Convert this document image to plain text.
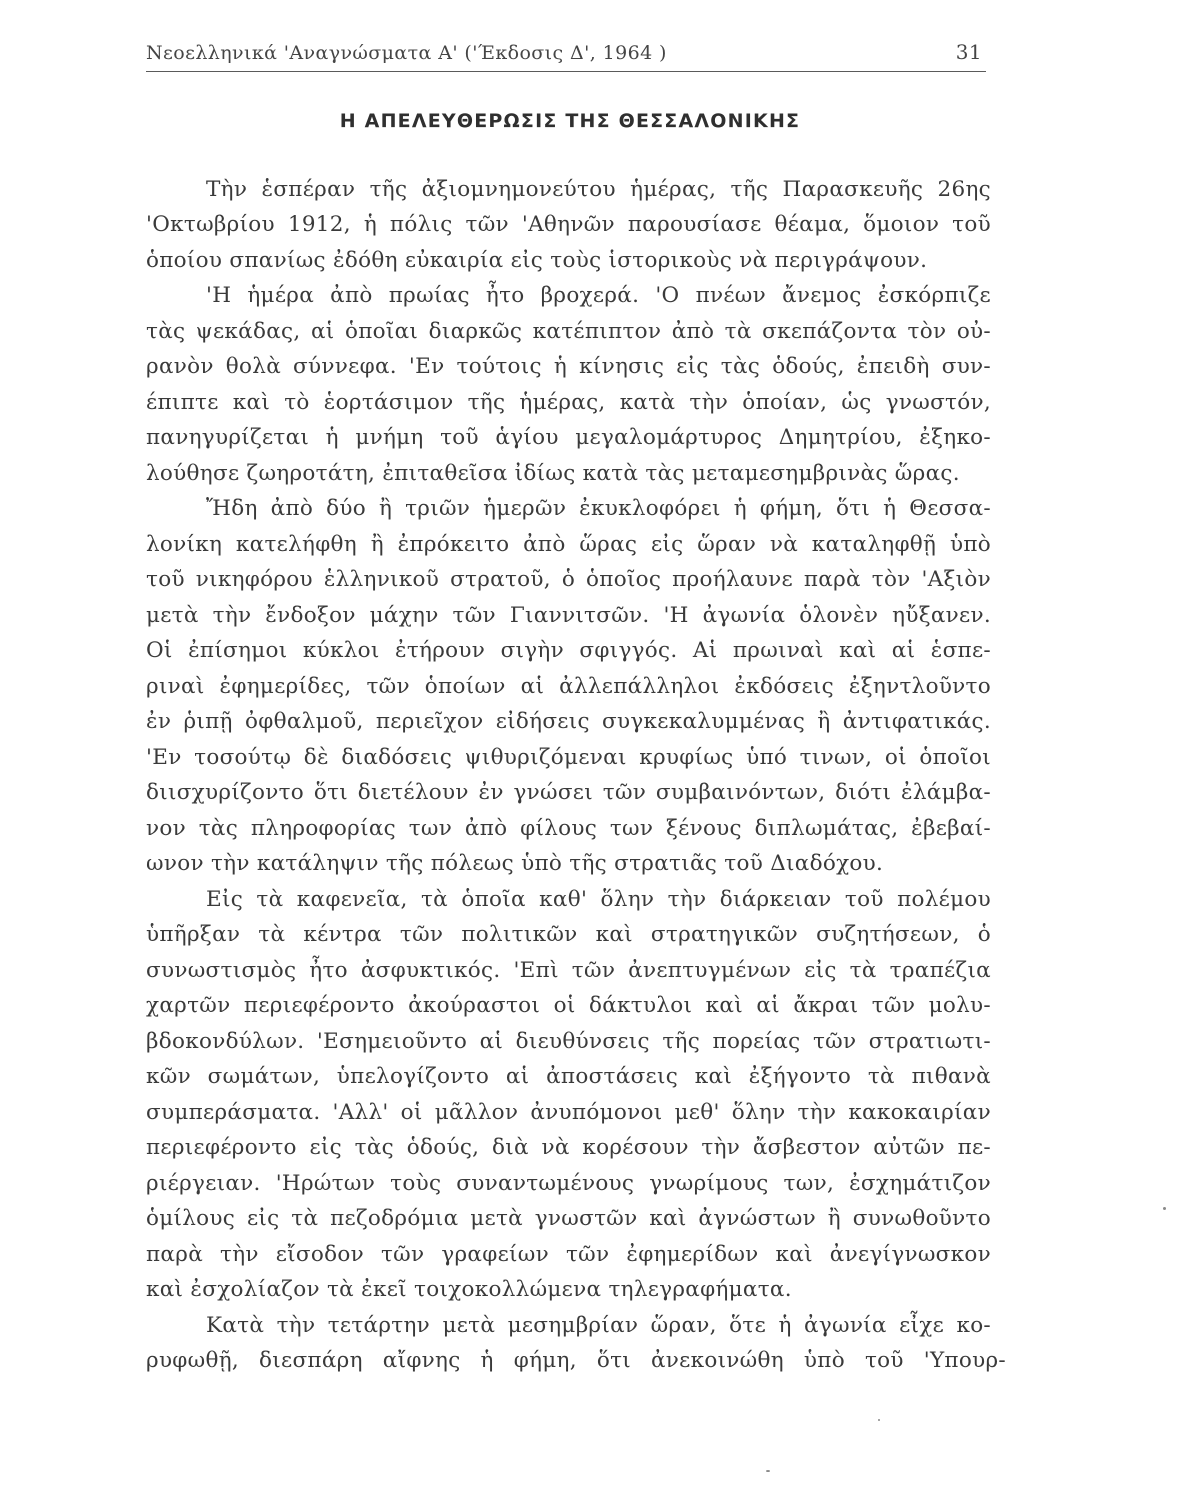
Νεοελληνικά 'Αναγνώσματα Α' ('Έκδοσις Δ', 1964 )	31
Η ΑΠΕΛΕΥΘΕΡΩΣΙΣ ΤΗΣ ΘΕΣΣΑΛΟΝΙΚΗΣ
Τὴν ἑσπέραν τῆς ἀξιομνημονεύτου ἡμέρας, τῆς Παρασκευῆς 26ης
'Οκτωβρίου 1912, ἡ πόλις τῶν 'Αθηνῶν παρουσίασε θέαμα, ὅμοιον τοῦ
ὁποίου σπανίως ἐδόθη εὐκαιρία εἰς τοὺς ἱστορικοὺς νὰ περιγράψουν.
'Η ἡμέρα ἀπὸ πρωίας ἦτο βροχερά. 'Ο πνέων ἄνεμος ἐσκόρπιζε
τὰς ψεκάδας, αἱ ὁποῖαι διαρκῶς κατέπιπτον ἀπὸ τὰ σκεπάζοντα τὸν οὐ-
ρανὸν θολὰ σύννεφα. 'Εν τούτοις ἡ κίνησις εἰς τὰς ὁδούς, ἐπειδὴ συν-
έπιπτε καὶ τὸ ἑορτάσιμον τῆς ἡμέρας, κατὰ τὴν ὁποίαν, ὡς γνωστόν,
πανηγυρίζεται ἡ μνήμη τοῦ ἁγίου μεγαλομάρτυρος Δημητρίου, ἐξηκο-
λούθησε ζωηροτάτη, ἐπιταθεῖσα ἰδίως κατὰ τὰς μεταμεσημβρινὰς ὥρας.
Ἤδη ἀπὸ δύο ἢ τριῶν ἡμερῶν ἐκυκλοφόρει ἡ φήμη, ὅτι ἡ Θεσσα-
λονίκη κατελήφθη ἢ ἐπρόκειτο ἀπὸ ὥρας εἰς ὥραν νὰ καταληφθῇ ὑπὸ
τοῦ νικηφόρου ἑλληνικοῦ στρατοῦ, ὁ ὁποῖος προήλαυνε παρὰ τὸν 'Αξιὸν
μετὰ τὴν ἔνδοξον μάχην τῶν Γιαννιτσῶν. 'Η ἀγωνία ὁλονὲν ηὔξανεν.
Οἱ ἐπίσημοι κύκλοι ἐτήρουν σιγὴν σφιγγός. Αἱ πρωιναὶ καὶ αἱ ἑσπε-
ριναὶ ἐφημερίδες, τῶν ὁποίων αἱ ἀλλεπάλληλοι ἐκδόσεις ἐξηντλοῦντο
ἐν ῥιπῇ ὀφθαλμοῦ, περιεῖχον εἰδήσεις συγκεκαλυμμένας ἢ ἀντιφατικάς.
'Εν τοσούτῳ δὲ διαδόσεις ψιθυριζόμεναι κρυφίως ὑπό τινων, οἱ ὁποῖοι
διισχυρίζοντο ὅτι διετέλουν ἐν γνώσει τῶν συμβαινόντων, διότι ἐλάμβα-
νον τὰς πληροφορίας των ἀπὸ φίλους των ξένους διπλωμάτας, ἐβεβαί-
ωνον τὴν κατάληψιν τῆς πόλεως ὑπὸ τῆς στρατιᾶς τοῦ Διαδόχου.
Εἰς τὰ καφενεῖα, τὰ ὁποῖα καθ' ὅλην τὴν διάρκειαν τοῦ πολέμου
ὑπῆρξαν τὰ κέντρα τῶν πολιτικῶν καὶ στρατηγικῶν συζητήσεων, ὁ
συνωστισμὸς ἦτο ἀσφυκτικός. 'Επὶ τῶν ἀνεπτυγμένων εἰς τὰ τραπέζια
χαρτῶν περιεφέροντο ἀκούραστοι οἱ δάκτυλοι καὶ αἱ ἄκραι τῶν μολυ-
βδοκονδύλων. 'Εσημειοῦντο αἱ διευθύνσεις τῆς πορείας τῶν στρατιωτι-
κῶν σωμάτων, ὑπελογίζοντο αἱ ἀποστάσεις καὶ ἐξήγοντο τὰ πιθανὰ
συμπεράσματα. 'Αλλ' οἱ μᾶλλον ἀνυπόμονοι μεθ' ὅλην τὴν κακοκαιρίαν
περιεφέροντο εἰς τὰς ὁδούς, διὰ νὰ κορέσουν τὴν ἄσβεστον αὐτῶν πε-
ριέργειαν. 'Ηρώτων τοὺς συναντωμένους γνωρίμους των, ἐσχημάτιζον
ὁμίλους εἰς τὰ πεζοδρόμια μετὰ γνωστῶν καὶ ἀγνώστων ἢ συνωθοῦντο
παρὰ τὴν εἴσοδον τῶν γραφείων τῶν ἐφημερίδων καὶ ἀνεγίγνωσκον
καὶ ἐσχολίαζον τὰ ἐκεῖ τοιχοκολλώμενα τηλεγραφήματα.
Κατὰ τὴν τετάρτην μετὰ μεσημβρίαν ὥραν, ὅτε ἡ ἀγωνία εἶχε κο-
ρυφωθῇ, διεσπάρη αἴφνης ἡ φήμη, ὅτι ἀνεκοινώθη ὑπὸ τοῦ 'Υπουρ-
